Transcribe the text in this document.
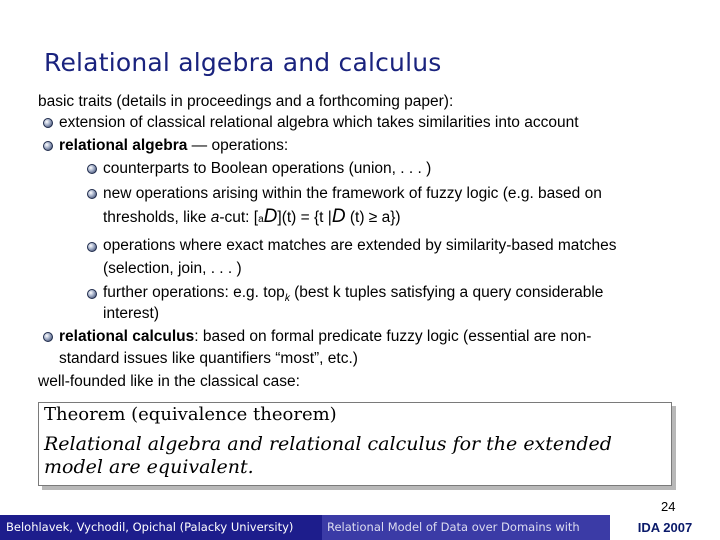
Relational algebra and calculus
basic traits (details in proceedings and a forthcoming paper):
extension of classical relational algebra which takes similarities into account
relational algebra — operations:
counterparts to Boolean operations (union, . . . )
new operations arising within the framework of fuzzy logic (e.g. based on
thresholds, like a-cut: [aD](t) = {t |D (t) ≥ a})
operations where exact matches are extended by similarity-based matches
(selection, join, . . . )
further operations: e.g. top$_k$ (best k tuples satisfying a query considerable
interest)
relational calculus: based on formal predicate fuzzy logic (essential are non-
standard issues like quantifiers “most”, etc.)
well-founded like in the classical case:
Theorem (equivalence theorem)
Relational algebra and relational calculus for the extended model are equivalent.
24
Belohlavek, Vychodil, Opichal (Palacky University)	Relational Model of Data over Domains with	IDA 2007
